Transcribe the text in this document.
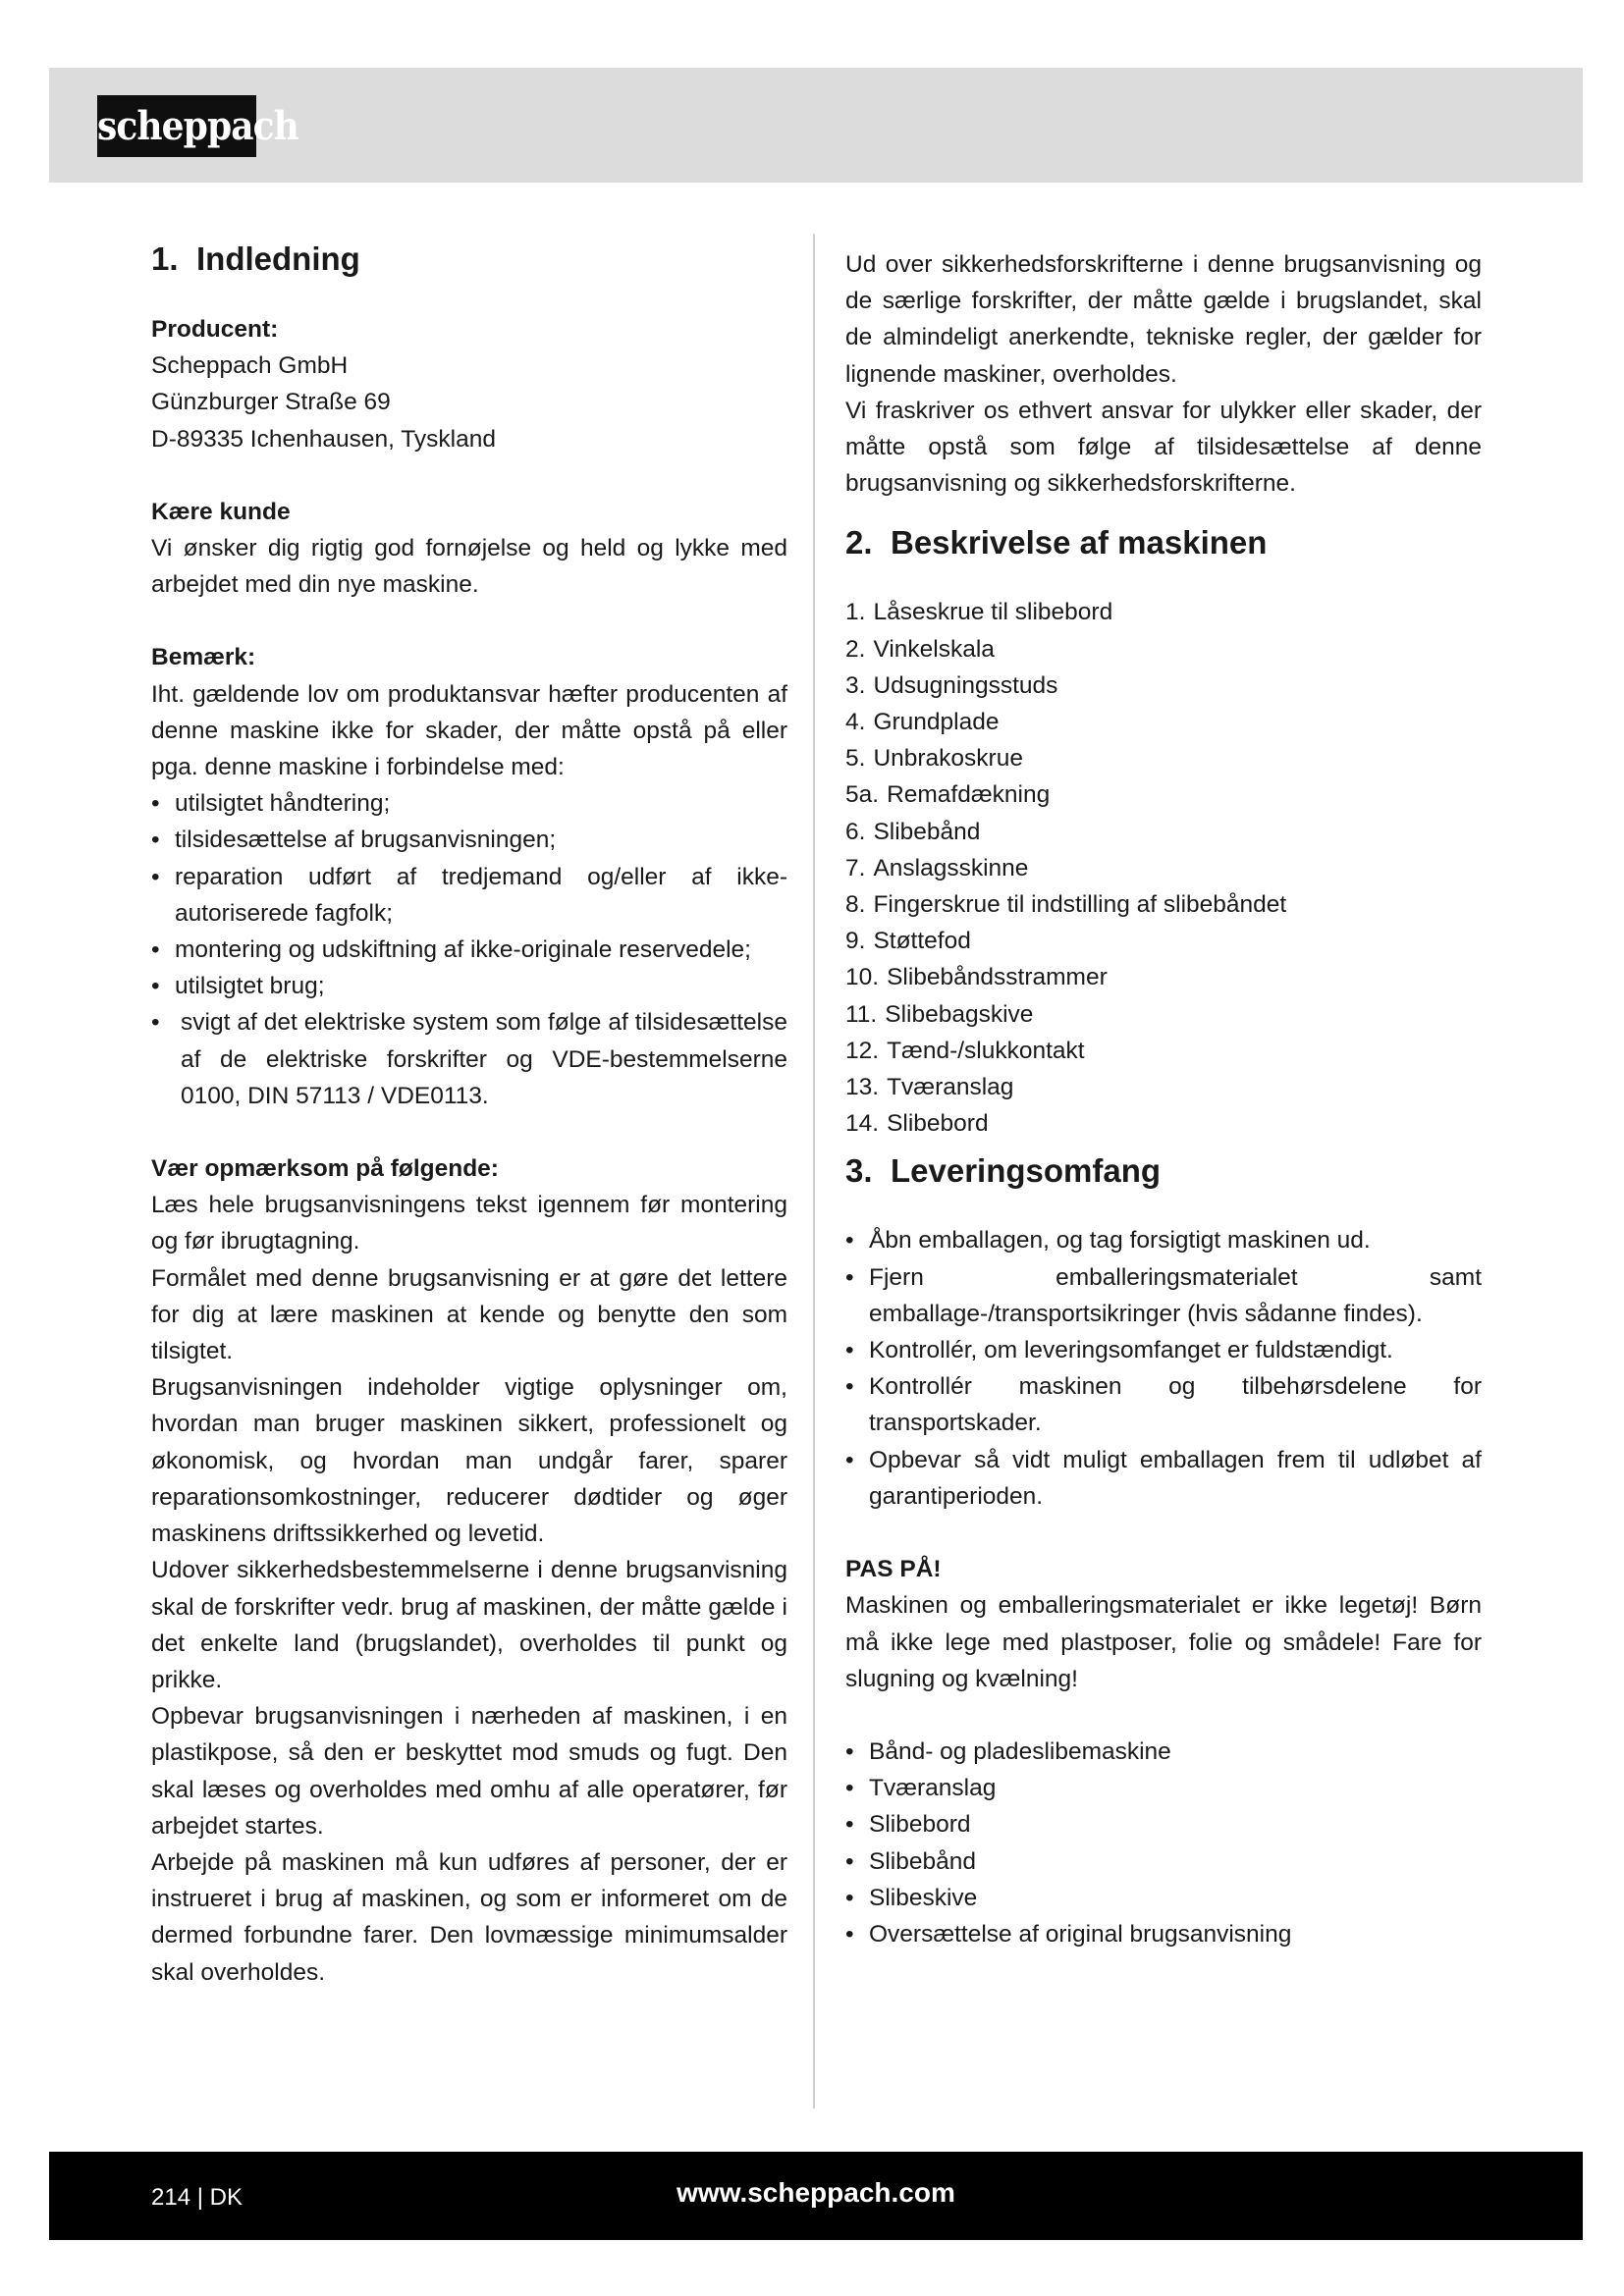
scheppach
1. Indledning

Producent:

Scheppach GmbH

Günzburger Straße 69

D-89335 Ichenhausen, Tyskland

Kære kunde

Vi ønsker dig rigtig god fornøjelse og held og lykke med arbejdet med din nye maskine.

Bemærk:

Iht. gældende lov om produktansvar hæfter producenten af denne maskine ikke for skader, der måtte opstå på eller pga. denne maskine i forbindelse med:

• utilsigtet håndtering;
• tilsidesættelse af brugsanvisningen;
• reparation udført af tredjemand og/eller af ikke-autoriserede fagfolk;
• montering og udskiftning af ikke-originale reservedele;
• utilsigtet brug;
• svigt af det elektriske system som følge af tilsidesættelse af de elektriske forskrifter og VDE-bestemmelserne 0100, DIN 57113 / VDE0113.

Vær opmærksom på følgende:

Læs hele brugsanvisningens tekst igennem før montering og før ibrugtagning.

Formålet med denne brugsanvisning er at gøre det lettere for dig at lære maskinen at kende og benytte den som tilsigtet.

Brugsanvisningen indeholder vigtige oplysninger om, hvordan man bruger maskinen sikkert, professionelt og økonomisk, og hvordan man undgår farer, sparer reparationsomkostninger, reducerer dødtider og øger maskinens driftssikkerhed og levetid.

Udover sikkerhedsbestemmelserne i denne brugsanvisning skal de forskrifter vedr. brug af maskinen, der måtte gælde i det enkelte land (brugslandet), overholdes til punkt og prikke.

Opbevar brugsanvisningen i nærheden af maskinen, i en plastikpose, så den er beskyttet mod smuds og fugt. Den skal læses og overholdes med omhu af alle operatører, før arbejdet startes.

Arbejde på maskinen må kun udføres af personer, der er instrueret i brug af maskinen, og som er informeret om de dermed forbundne farer. Den lovmæssige minimumsalder skal overholdes.

Ud over sikkerhedsforskrifterne i denne brugsanvisning og de særlige forskrifter, der måtte gælde i brugslandet, skal de almindeligt anerkendte, tekniske regler, der gælder for lignende maskiner, overholdes.

Vi fraskriver os ethvert ansvar for ulykker eller skader, der måtte opstå som følge af tilsidesættelse af denne brugsanvisning og sikkerhedsforskrifterne.

2. Beskrivelse af maskinen
1. Låseskrue til slibebord
2. Vinkelskala
3. Udsugningsstuds
4. Grundplade
5. Unbrakoskrue
5a. Remafdækning
6. Slibebånd
7. Anslagsskinne
8. Fingerskrue til indstilling af slibebåndet
9. Støttefod
10. Slibebåndsstrammer
11. Slibebagskive
12. Tænd-/slukkontakt
13. Tværanslag
14. Slibebord
3. Leveringsomfang
• Åbn emballagen, og tag forsigtigt maskinen ud.
• Fjern emballeringsmaterialet samt emballage-/transportsikringer (hvis sådanne findes).
• Kontrollér, om leveringsomfanget er fuldstændigt.
• Kontrollér maskinen og tilbehørsdelene for transportskader.
• Opbevar så vidt muligt emballagen frem til udløbet af garantiperioden.

PAS PÅ!

Maskinen og emballeringsmaterialet er ikke legetøj! Børn må ikke lege med plastposer, folie og smådele! Fare for slugning og kvælning!

• Bånd- og pladeslibemaskine
• Tværanslag
• Slibebord
• Slibebånd
• Slibeskive
• Oversættelse af original brugsanvisning
214 | DK	www.scheppach.com
